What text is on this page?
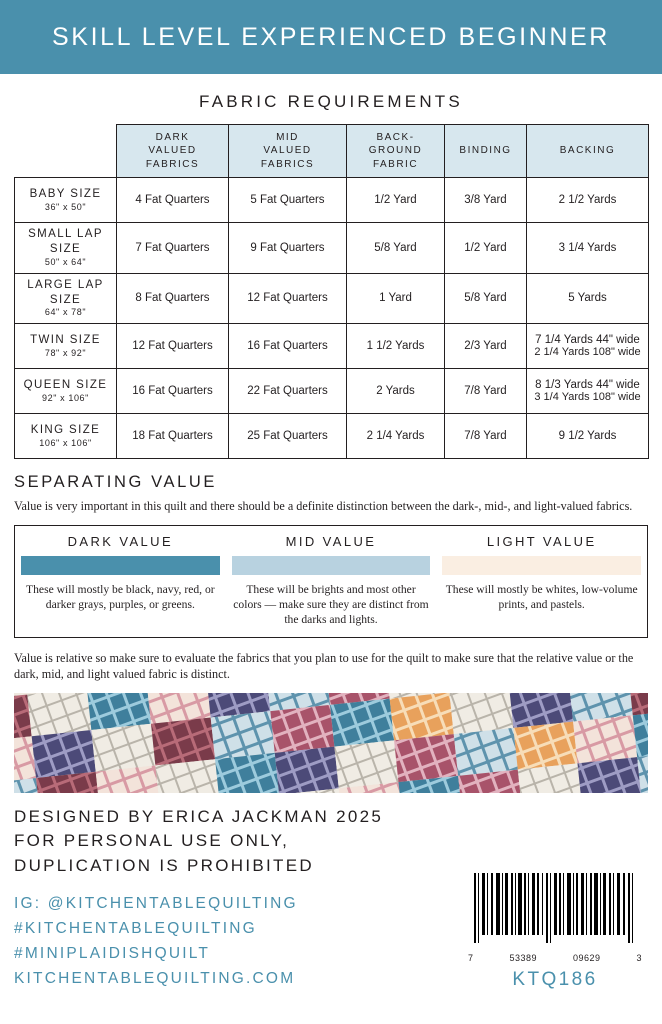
SKILL LEVEL EXPERIENCED BEGINNER
FABRIC REQUIREMENTS
	DARK
VALUED
FABRICS	MID
VALUED
FABRICS	BACK-
GROUND
FABRIC	BINDING	BACKING
BABY SIZE
36" x 50"	4 Fat Quarters	5 Fat Quarters	1/2 Yard	3/8 Yard	2 1/2 Yards
SMALL LAP SIZE
50" x 64"	7 Fat Quarters	9 Fat Quarters	5/8 Yard	1/2 Yard	3 1/4 Yards
LARGE LAP SIZE
64" x 78"	8 Fat Quarters	12 Fat Quarters	1 Yard	5/8 Yard	5 Yards
TWIN SIZE
78" x 92"	12 Fat Quarters	16 Fat Quarters	1 1/2 Yards	2/3 Yard	7 1/4 Yards 44" wide
2 1/4 Yards 108" wide

QUEEN SIZE
92" x 106"	16 Fat Quarters	22 Fat Quarters	2 Yards	7/8 Yard	8 1/3 Yards 44" wide
3 1/4 Yards 108" wide

KING SIZE
106" x 106"	18 Fat Quarters	25 Fat Quarters	2 1/4 Yards	7/8 Yard	9 1/2 Yards
SEPARATING VALUE
Value is very important in this quilt and there should be a definite distinction between the dark-, mid-, and light-valued fabrics.
DARK VALUE
These will mostly be black, navy, red, or darker grays, purples, or greens.
MID VALUE
These will be brights and most other colors — make sure they are distinct from the darks and lights.
LIGHT VALUE
These will mostly be whites, low-volume prints, and pastels.
Value is relative so make sure to evaluate the fabrics that you plan to use for the quilt to make sure that the relative value or the dark, mid, and light valued fabric is distinct.
DESIGNED BY ERICA JACKMAN 2025
FOR PERSONAL USE ONLY,
DUPLICATION IS PROHIBITED
IG: @KITCHENTABLEQUILTING
#KITCHENTABLEQUILTING
#MINIPLAIDISHQUILT
KITCHENTABLEQUILTING.COM
7	53389	09629	3
KTQ186
